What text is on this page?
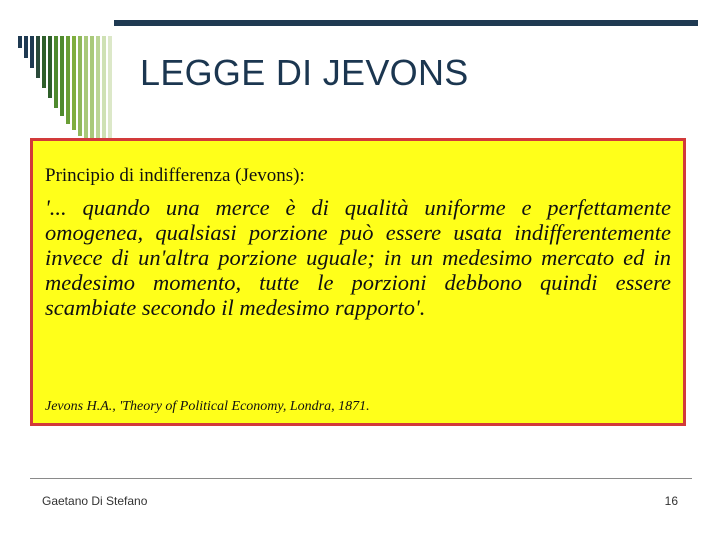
LEGGE DI JEVONS
Principio di indifferenza (Jevons):
'... quando una merce è di qualità uniforme e perfettamente omogenea, qualsiasi porzione può essere usata indifferentemente invece di un'altra porzione uguale; in un medesimo mercato ed in medesimo momento, tutte le porzioni debbono quindi essere scambiate secondo il medesimo rapporto'.
Jevons H.A., 'Theory of Political Economy, Londra, 1871.
Gaetano Di Stefano	16
